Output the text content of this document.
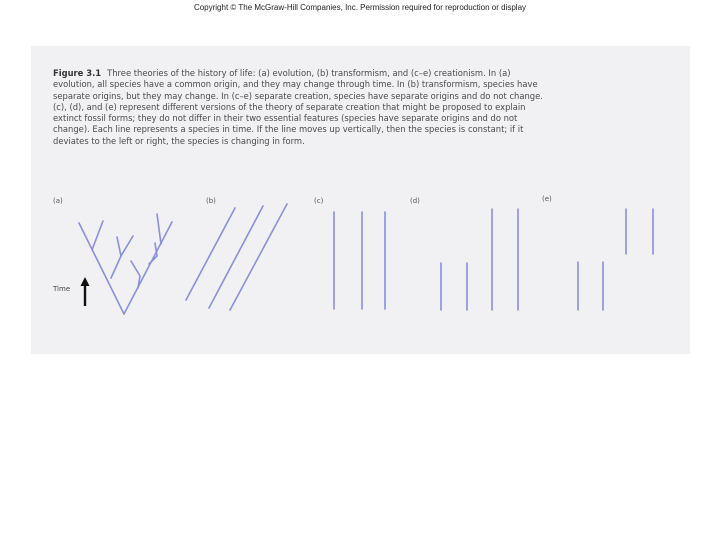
Copyright © The McGraw-Hill Companies, Inc. Permission required for reproduction or display
Figure 3.1 Three theories of the history of life: (a) evolution, (b) transformism, and (c–e) creationism. In (a) evolution, all species have a common origin, and they may change through time. In (b) transformism, species have separate origins, but they may change. In (c–e) separate creation, species have separate origins and do not change. (c), (d), and (e) represent different versions of the theory of separate creation that might be proposed to explain extinct fossil forms; they do not differ in their two essential features (species have separate origins and do not change). Each line represents a species in time. If the line moves up vertically, then the species is constant; if it deviates to the left or right, the species is changing in form.
(a)	(b)	(c)	(d)	(e)
Time
